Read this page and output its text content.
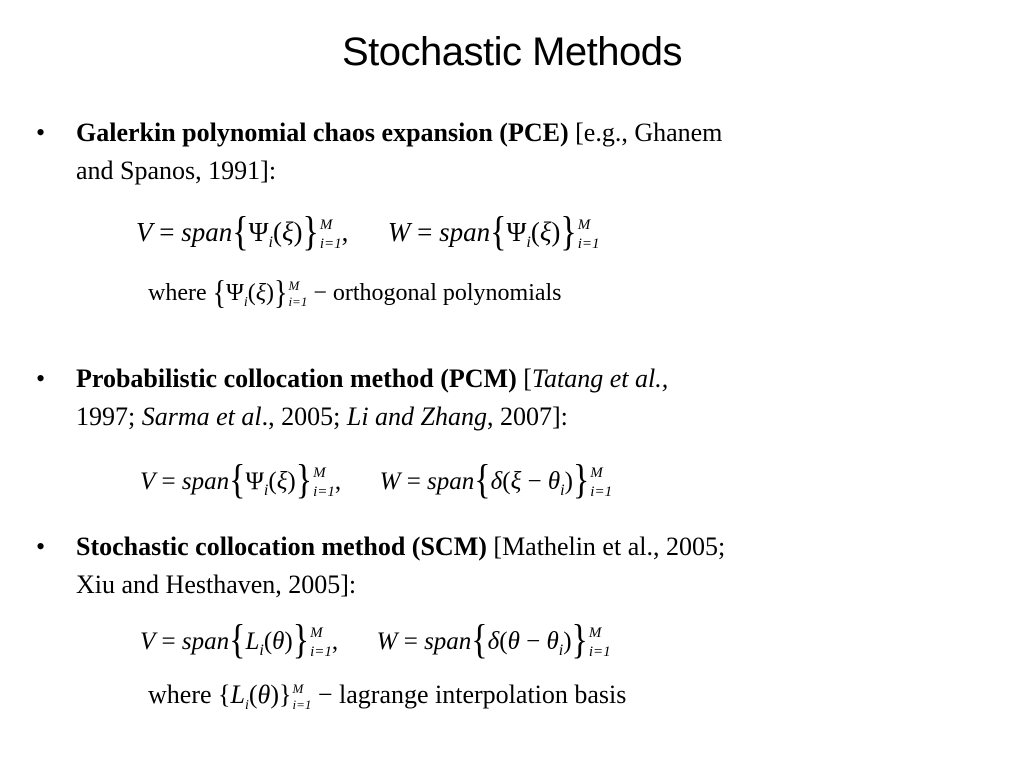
Stochastic Methods
• Galerkin polynomial chaos expansion (PCE) [e.g., Ghanem
and Spanos, 1991]:
$V = span\{\Psi_i(\xi)\}$ M
i=1 , $W = span\{\Psi_i(\xi)\}$ M
i=1
where $\{\Psi_i(\xi)\}$ M
i=1 − orthogonal polynomials
• Probabilistic collocation method (PCM) [Tatang et al.,
1997; Sarma et al., 2005; Li and Zhang, 2007]:
$V = span\{\Psi_i(\xi)\}$ M
i=1 , W = span{δ(ξ − $\theta_i$)} M
i=1
• Stochastic collocation method (SCM) [Mathelin et al., 2005;
Xiu and Hesthaven, 2005]:
$V = span\{L_i(\theta)\}$ M
i=1 , W = span{δ(θ − $\theta_i$)} M
i=1
where $\{L_i(\theta)\}$ M
i=1 − lagrange interpolation basis
